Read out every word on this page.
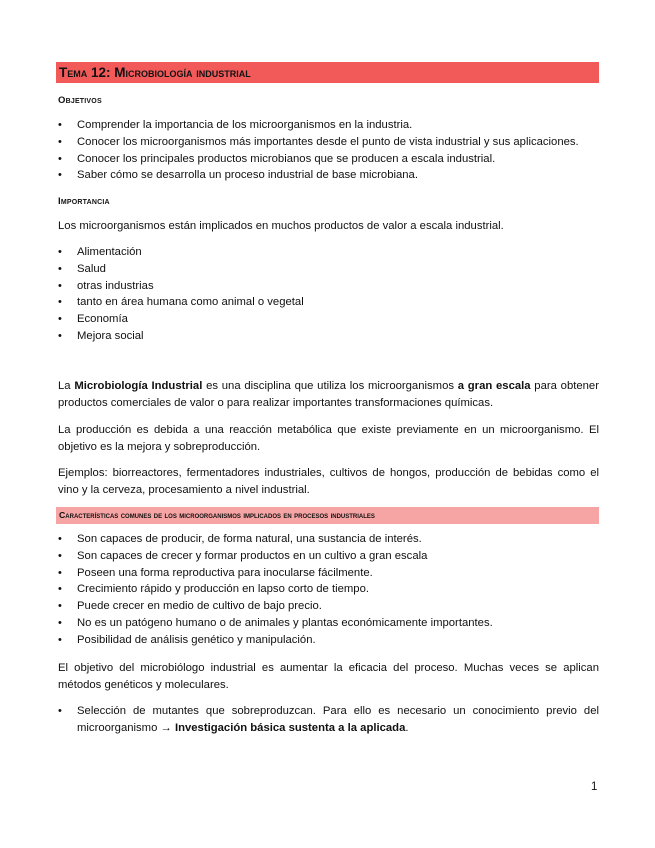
Tema 12: Microbiología industrial
Objetivos
• Comprender la importancia de los microorganismos en la industria.
• Conocer los microorganismos más importantes desde el punto de vista industrial y sus aplicaciones.
• Conocer los principales productos microbianos que se producen a escala industrial.
• Saber cómo se desarrolla un proceso industrial de base microbiana.
Importancia
Los microorganismos están implicados en muchos productos de valor a escala industrial.
• Alimentación
• Salud
• otras industrias
• tanto en área humana como animal o vegetal
• Economía
• Mejora social
La Microbiología Industrial es una disciplina que utiliza los microorganismos a gran escala para obtener productos comerciales de valor o para realizar importantes transformaciones químicas.
La producción es debida a una reacción metabólica que existe previamente en un microorganismo. El objetivo es la mejora y sobreproducción.
Ejemplos: biorreactores, fermentadores industriales, cultivos de hongos, producción de bebidas como el vino y la cerveza, procesamiento a nivel industrial.
Características comunes de los microorganismos implicados en procesos industriales
• Son capaces de producir, de forma natural, una sustancia de interés.
• Son capaces de crecer y formar productos en un cultivo a gran escala
• Poseen una forma reproductiva para inocularse fácilmente.
• Crecimiento rápido y producción en lapso corto de tiempo.
• Puede crecer en medio de cultivo de bajo precio.
• No es un patógeno humano o de animales y plantas económicamente importantes.
• Posibilidad de análisis genético y manipulación.
El objetivo del microbiólogo industrial es aumentar la eficacia del proceso. Muchas veces se aplican métodos genéticos y moleculares.
• Selección de mutantes que sobreproduzcan. Para ello es necesario un conocimiento previo del microorganismo → Investigación básica sustenta a la aplicada.
1
